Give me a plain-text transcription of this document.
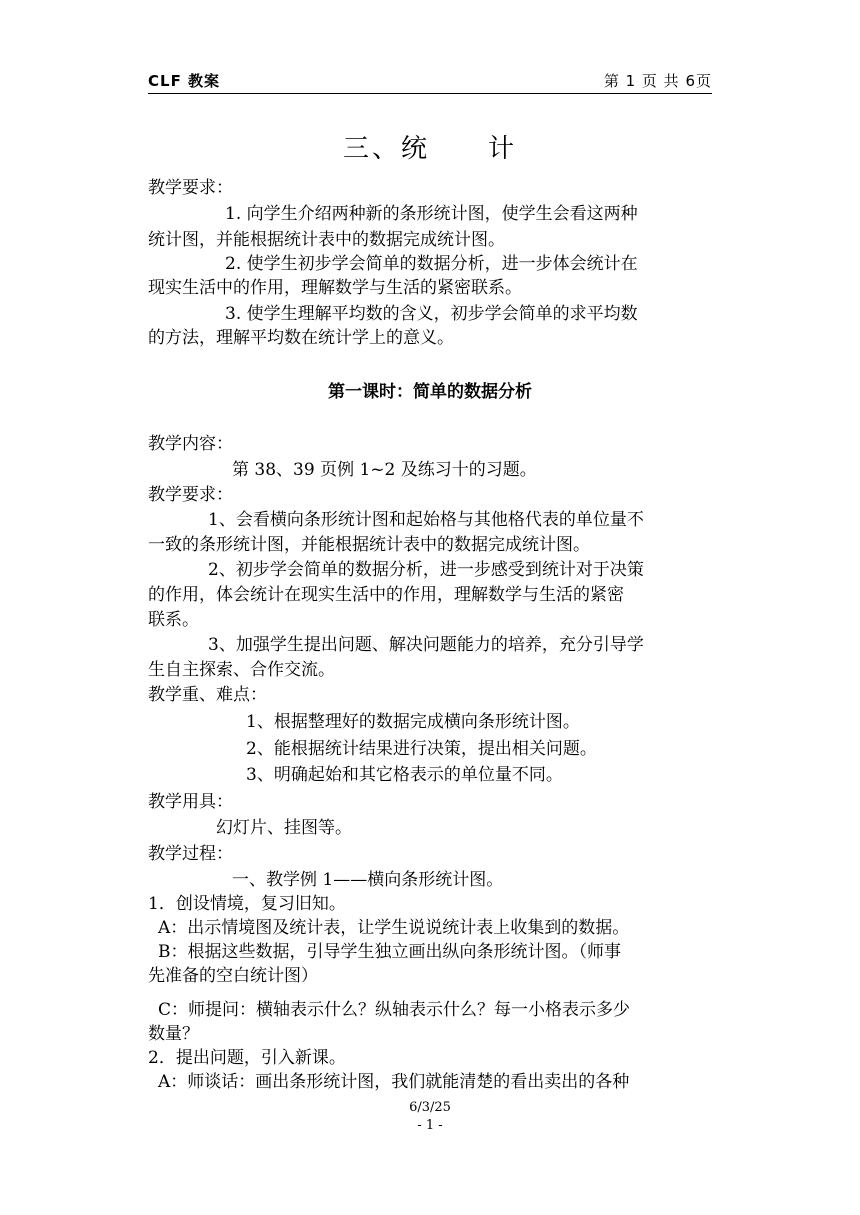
CLF 教案	第 1 页 共 6页
三、统　　计
教学要求：
1. 向学生介绍两种新的条形统计图，使学生会看这两种
统计图，并能根据统计表中的数据完成统计图。
2. 使学生初步学会简单的数据分析，进一步体会统计在
现实生活中的作用，理解数学与生活的紧密联系。
3. 使学生理解平均数的含义，初步学会简单的求平均数
的方法，理解平均数在统计学上的意义。
第一课时：简单的数据分析
教学内容：
第 38、39 页例 1~2 及练习十的习题。
教学要求：
1、会看横向条形统计图和起始格与其他格代表的单位量不
一致的条形统计图，并能根据统计表中的数据完成统计图。
2、初步学会简单的数据分析，进一步感受到统计对于决策
的作用，体会统计在现实生活中的作用，理解数学与生活的紧密
联系。
3、加强学生提出问题、解决问题能力的培养，充分引导学
生自主探索、合作交流。
教学重、难点：
1、根据整理好的数据完成横向条形统计图。
2、能根据统计结果进行决策，提出相关问题。
3、明确起始和其它格表示的单位量不同。
教学用具：
幻灯片、挂图等。
教学过程：
一、教学例 1——横向条形统计图。
1．创设情境，复习旧知。
A：出示情境图及统计表，让学生说说统计表上收集到的数据。
B：根据这些数据，引导学生独立画出纵向条形统计图。（师事
先准备的空白统计图）
C：师提问：横轴表示什么？纵轴表示什么？每一小格表示多少
数量？
2．提出问题，引入新课。
A：师谈话：画出条形统计图，我们就能清楚的看出卖出的各种
6/3/25
- 1 -
